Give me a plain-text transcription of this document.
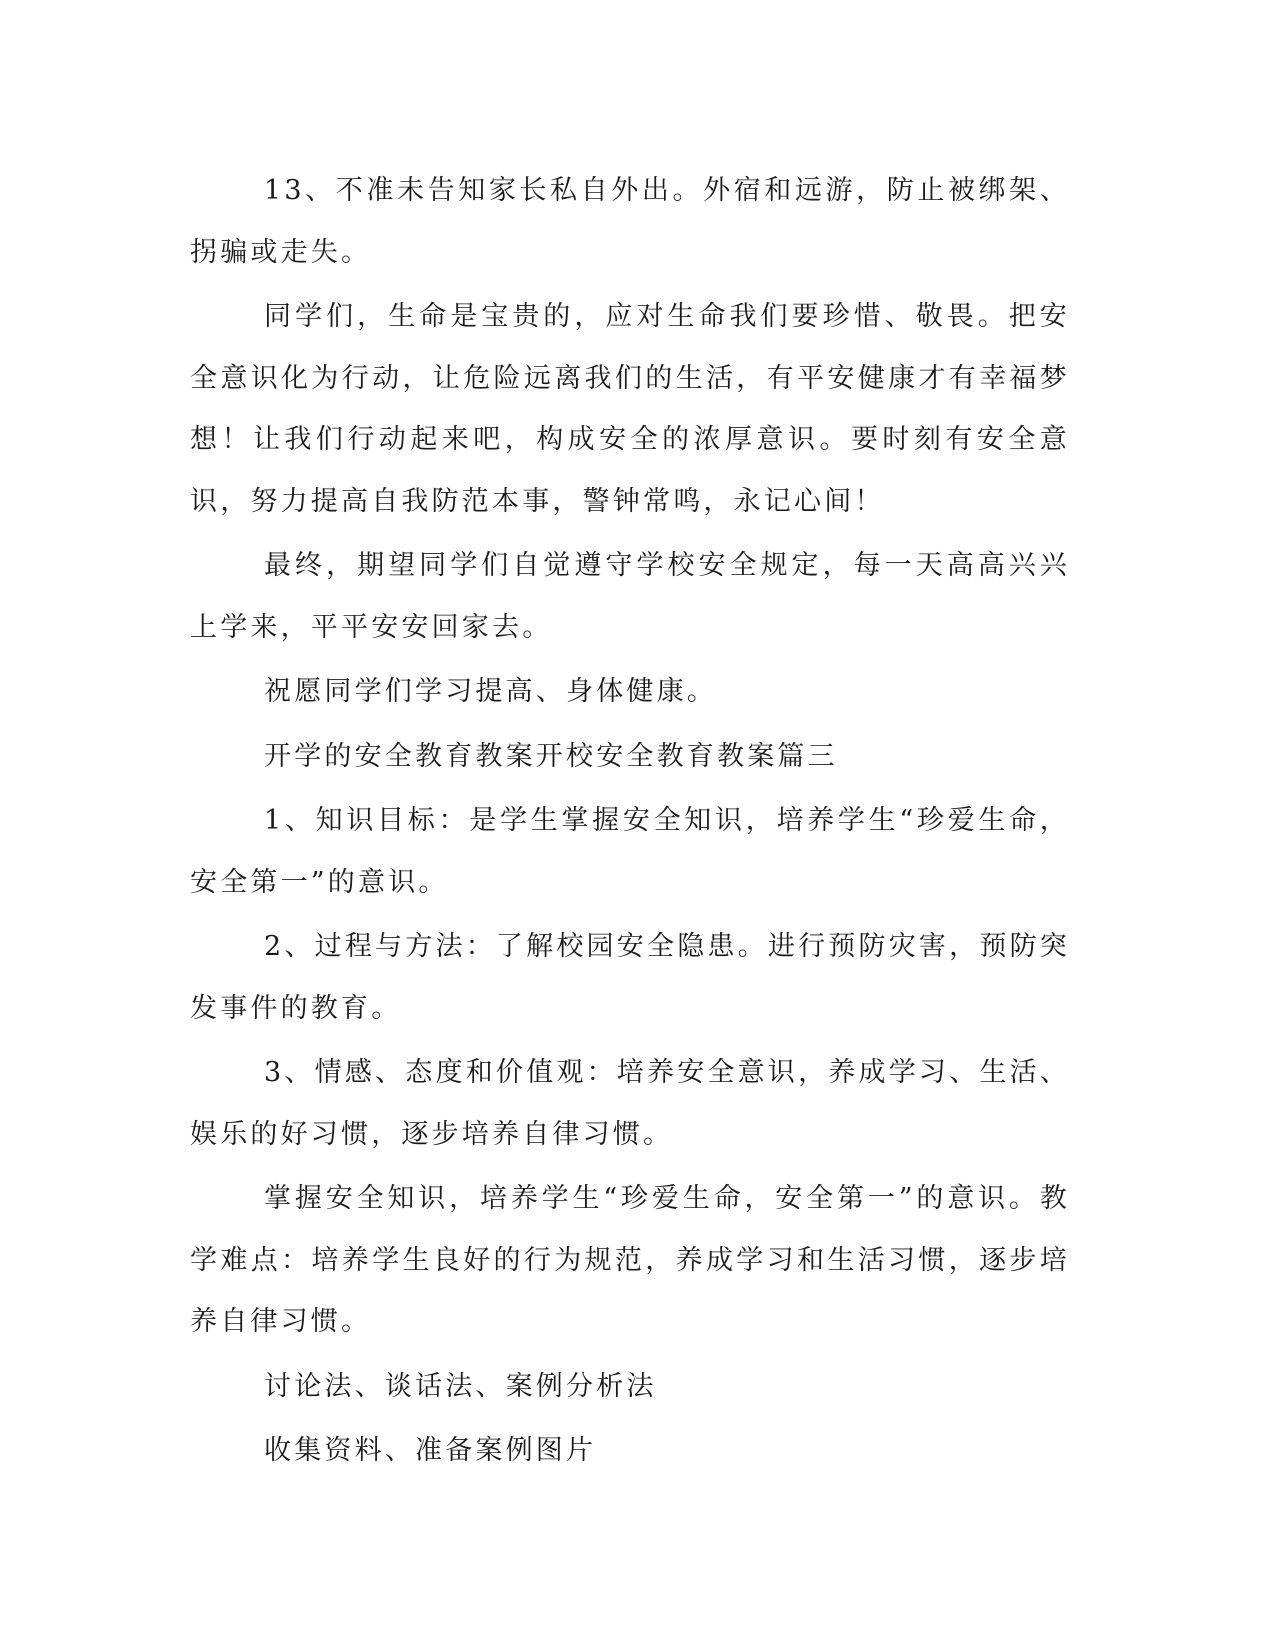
13、不准未告知家长私自外出。外宿和远游，防止被绑架、拐骗或走失。

同学们，生命是宝贵的，应对生命我们要珍惜、敬畏。把安全意识化为行动，让危险远离我们的生活，有平安健康才有幸福梦想！让我们行动起来吧，构成安全的浓厚意识。要时刻有安全意识，努力提高自我防范本事，警钟常鸣，永记心间！

最终，期望同学们自觉遵守学校安全规定，每一天高高兴兴上学来，平平安安回家去。

祝愿同学们学习提高、身体健康。

开学的安全教育教案开校安全教育教案篇三

1、知识目标：是学生掌握安全知识，培养学生“珍爱生命，安全第一”的意识。

2、过程与方法：了解校园安全隐患。进行预防灾害，预防突发事件的教育。

3、情感、态度和价值观：培养安全意识，养成学习、生活、娱乐的好习惯，逐步培养自律习惯。

掌握安全知识，培养学生“珍爱生命，安全第一”的意识。教学难点：培养学生良好的行为规范，养成学习和生活习惯，逐步培养自律习惯。

讨论法、谈话法、案例分析法

收集资料、准备案例图片
